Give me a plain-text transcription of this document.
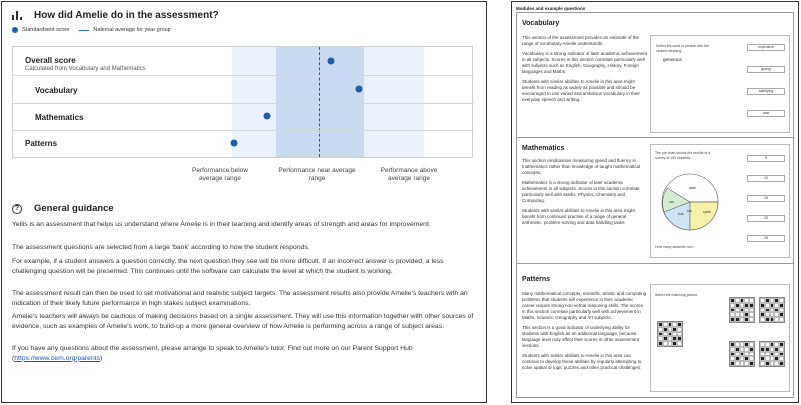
How did Amelie do in the assessment?
Standardised score	National average for year group
Overall score
Calculated from Vocabulary and Mathematics
Vocabulary
Mathematics
Patterns
Performance below average range
Performance near average range
Performance above average range
?	General guidance
Yellis is an assessment that helps us understand where Amelie is in their learning and identify areas of strength and areas for improvement.
The assessment questions are selected from a large 'bank' according to how the student responds.
For example, if a student answers a question correctly, the next question they see will be more difficult. If an incorrect answer is provided, a less challenging question will be presented. This continues until the software can calculate the level at which the student is working.
The assessment result can then be used to set motivational and realistic subject targets. The assessment results also provide Amelie's teachers with an indication of their likely future performance in high stakes subject examinations.
Amelie's teachers will always be cautious of making decisions based on a single assessment. They will use this information together with other sources of evidence, such as examples of Amelie's work, to build-up a more general overview of how Amelie is performing across a range of subject areas.
If you have any questions about the assessment, please arrange to speak to Amelie's tutor. Find out more on our Parent Support Hub (https://www.cem.org/parents)
Modules and example questions
Vocabulary

This section of the assessment provides an estimate of the range of vocabulary Amelie understands.

Vocabulary is a strong indicator of later academic achievement in all subjects. Scores in this section correlate particularly well with subjects such as English, Geography, History, Foreign languages and Maths.

Students with similar abilities to Amelie in this area might benefit from reading as widely as possible and should be encouraged to use varied and ambitious vocabulary in their everyday speech and writing.

Select the word or phrase with the closest meaning.
generous
expensive
giving
satisfying
vast
Mathematics

This section emphasises measuring speed and fluency in mathematics rather than knowledge of taught mathematical concepts.

Mathematics is a strong indicator of later academic achievement in all subjects. Scores in this section correlate particularly well with Maths, Physics, Chemistry and Computing.

Students with similar abilities to Amelie in this area might benefit from continued practise of a range of general arithmetic, problem-solving and data handling tasks.

The pie chart shows the results of a survey of 100 students.
walk
car
bus
run	cycle
How many students run?
5
10
15
20
25
Patterns

Many mathematical concepts, scientific, artistic and computing problems that students will experience in their academic career require strong non-verbal reasoning skills. The scores in this section correlate particularly well with achievement in Maths, Science, Geography and Art subjects.

This section is a good indicator of underlying ability for students with English as an additional language, because language level may affect their scores in other assessment sections.

Students with similar abilities to Amelie in this area can continue to develop these abilities by regularly attempting to solve spatial or logic puzzles and other practical challenges.

Select the matching picture.
